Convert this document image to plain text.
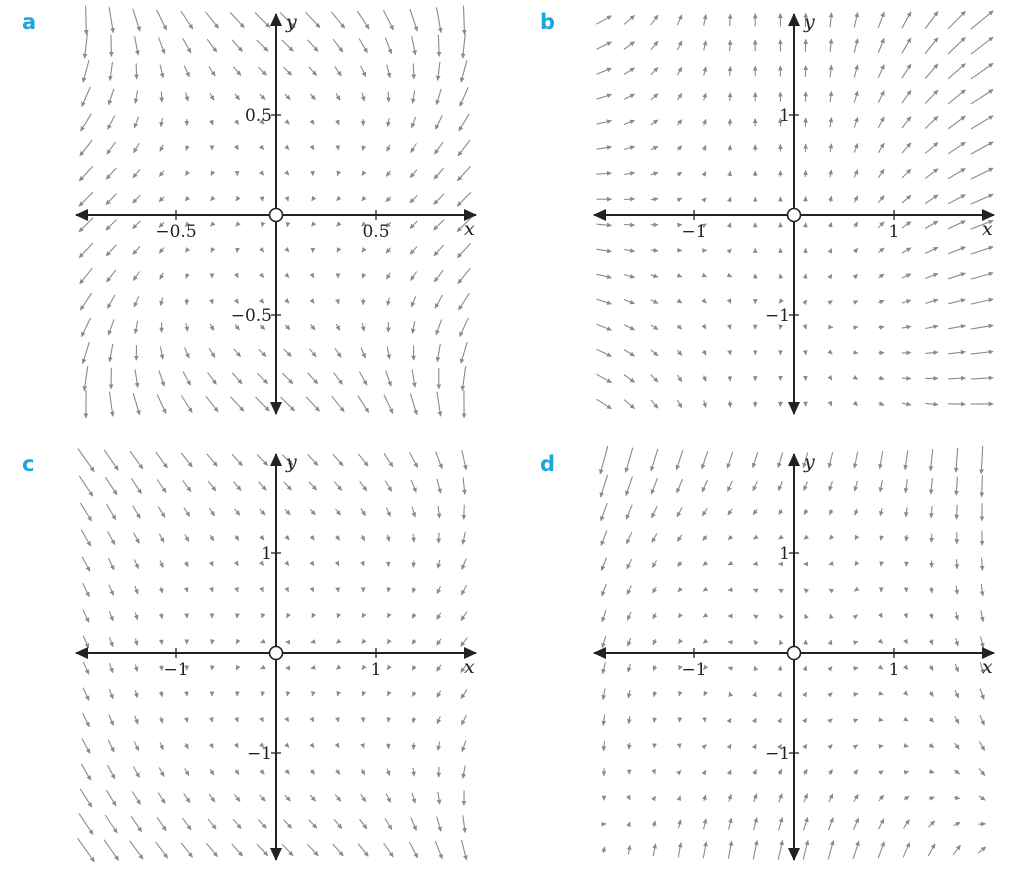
a	b
c	d
−0.5	0.5
0.5
−0.5
x
y
−1	1
1
−1
x
y
−1	1
1
−1
x
y
−1	1
1
−1
x
y
